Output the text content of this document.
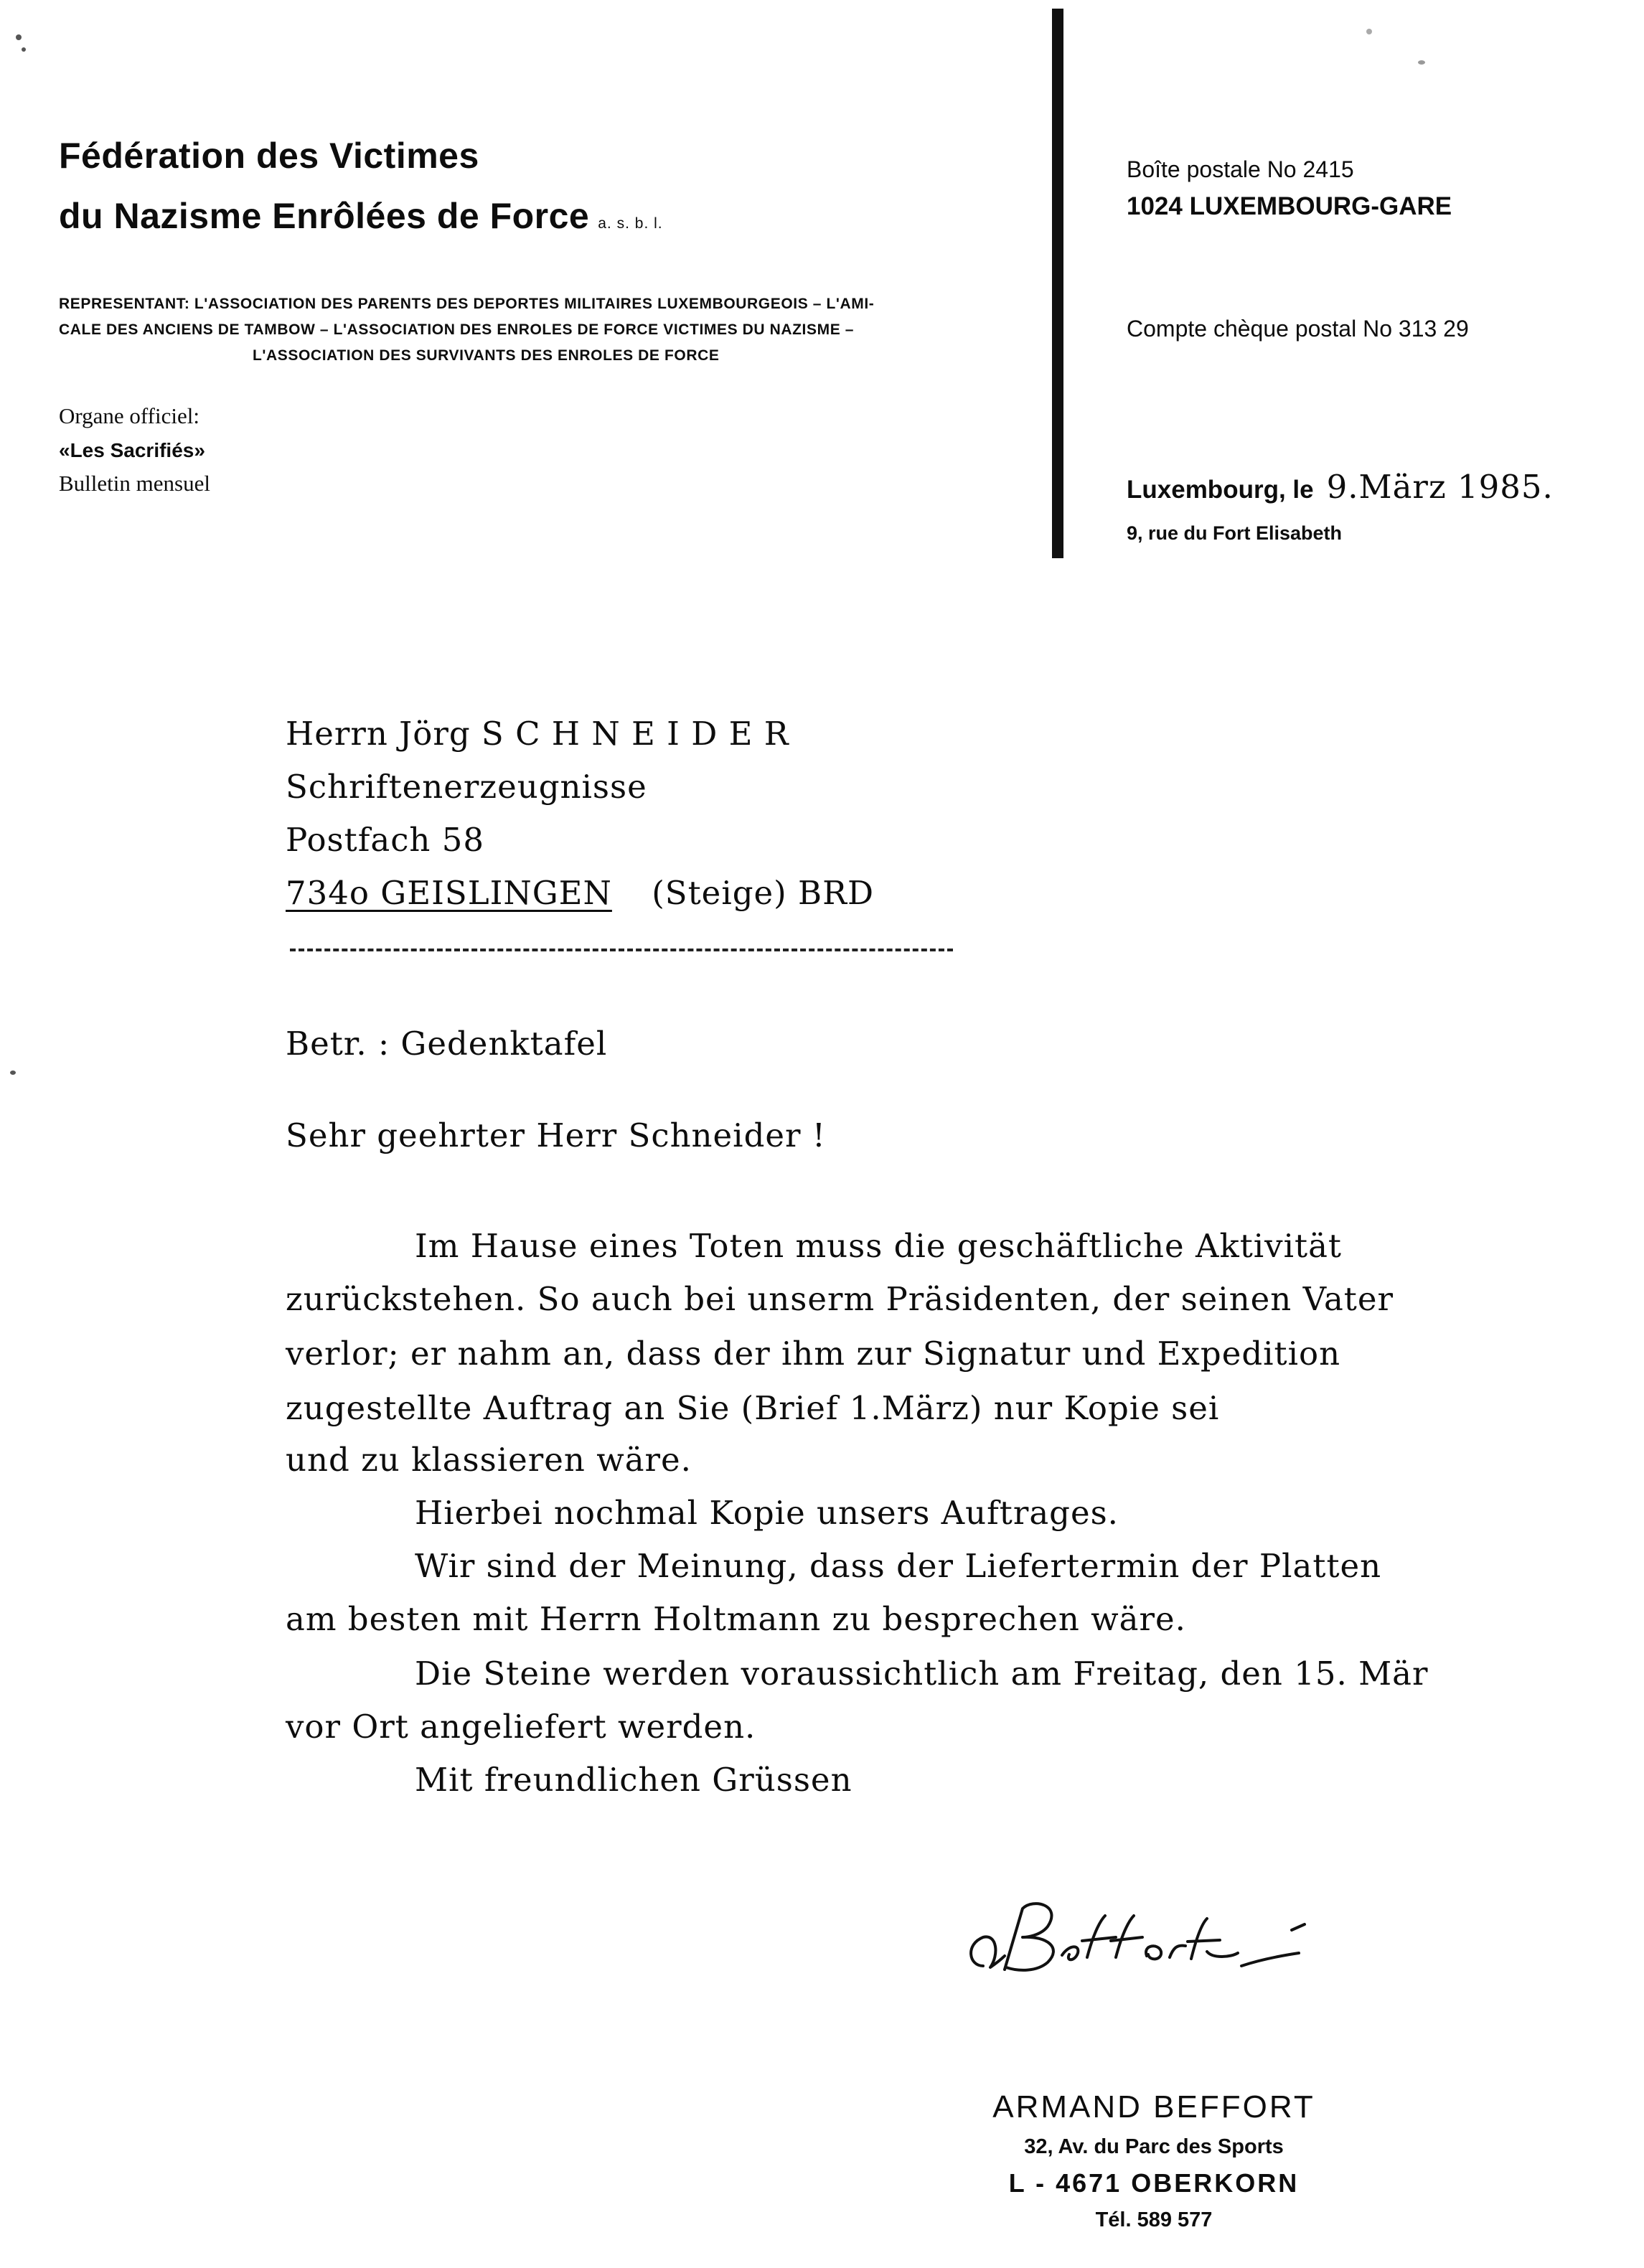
Fédération des Victimes
du Nazisme Enrôlées de Force a. s. b. l.
REPRESENTANT: L'ASSOCIATION DES PARENTS DES DEPORTES MILITAIRES LUXEMBOURGEOIS – L'AMI-
CALE DES ANCIENS DE TAMBOW – L'ASSOCIATION DES ENROLES DE FORCE VICTIMES DU NAZISME –
L'ASSOCIATION DES SURVIVANTS DES ENROLES DE FORCE
Organe officiel:
«Les Sacrifiés»
Bulletin mensuel
Boîte postale No 2415
1024 LUXEMBOURG-GARE
Compte chèque postal No 313 29
Luxembourg, le 9.März 1985.
9, rue du Fort Elisabeth
Herrn Jörg S C H N E I D E R
Schriftenerzeugnisse
Postfach 58
734o GEISLINGEN (Steige) BRD
Betr. : Gedenktafel
Sehr geehrter Herr Schneider !
Im Hause eines Toten muss die geschäftliche Aktivität
zurückstehen. So auch bei unserm Präsidenten, der seinen Vater
verlor; er nahm an, dass der ihm zur Signatur und Expedition
zugestellte Auftrag an Sie (Brief 1.März) nur Kopie sei
und zu klassieren wäre.
Hierbei nochmal Kopie unsers Auftrages.
Wir sind der Meinung, dass der Liefertermin der Platten
am besten mit Herrn Holtmann zu besprechen wäre.
Die Steine werden voraussichtlich am Freitag, den 15. Mär
vor Ort angeliefert werden.
Mit freundlichen Grüssen
ARMAND BEFFORT
32, Av. du Parc des Sports
L - 4671 OBERKORN
Tél. 589 577
